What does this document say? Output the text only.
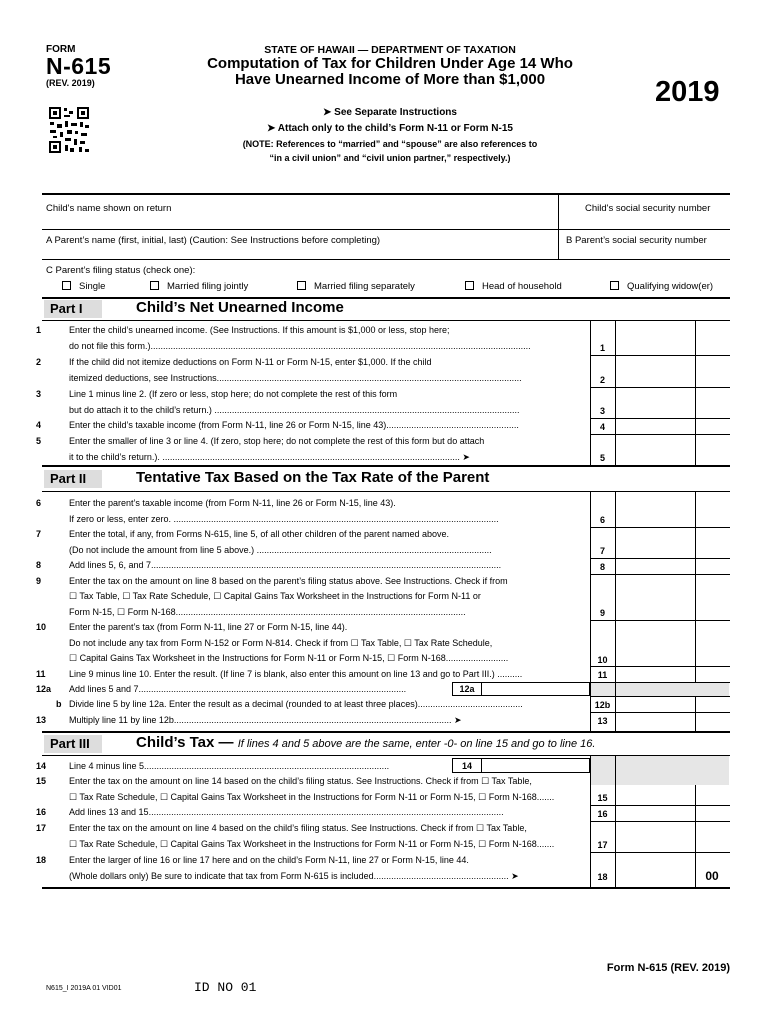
FORM
N-615
(REV. 2019)
STATE OF HAWAII — DEPARTMENT OF TAXATION
Computation of Tax for Children Under Age 14 Who
Have Unearned Income of More than $1,000	2019
➤ See Separate Instructions
➤ Attach only to the child’s Form N-11 or Form N-15
(NOTE: References to “married” and “spouse” are also references to
“in a civil union” and “civil union partner,” respectively.)
Child's name shown on return	Child's social security number
A Parent’s name (first, initial, last) (Caution: See Instructions before completing)	B Parent’s social security number
C Parent’s filing status (check one):
Single	Married filing jointly	Married filing separately	Head of household	Qualifying widow(er)
Part I	Child’s Net Unearned Income
1	Enter the child’s unearned income. (See Instructions. If this amount is $1,000 or less, stop here;
do not file this form.)........................................................................................................................................................	1
2	If the child did not itemize deductions on Form N-11 or Form N-15, enter $1,000. If the child
itemized deductions, see Instructions..........................................................................................................................	2
3	Line 1 minus line 2. (If zero or less, stop here; do not complete the rest of this form
but do attach it to the child’s return.) ..........................................................................................................................	3
4	Enter the child’s taxable income (from Form N-11, line 26 or Form N-15, line 43).....................................................	4
5	Enter the smaller of line 3 or line 4. (If zero, stop here; do not complete the rest of this form but do attach
it to the child’s return.). ....................................................................................................................... ➤	5
Part II	Tentative Tax Based on the Tax Rate of the Parent
6	Enter the parent’s taxable income (from Form N-11, line 26 or Form N-15, line 43).
If zero or less, enter zero. ..................................................................................................................................	6
7	Enter the total, if any, from Forms N-615, line 5, of all other children of the parent named above.
(Do not include the amount from line 5 above.) ..............................................................................................	7
8	Add lines 5, 6, and 7............................................................................................................................................	8
9	Enter the tax on the amount on line 8 based on the parent’s filing status above. See Instructions. Check if from
☐ Tax Table, ☐ Tax Rate Schedule, ☐ Capital Gains Tax Worksheet in the Instructions for Form N-11 or
Form N-15, ☐ Form N-168....................................................................................................................	9
10	Enter the parent’s tax (from Form N-11, line 27 or Form N-15, line 44).
Do not include any tax from Form N-152 or Form N-814. Check if from ☐ Tax Table, ☐ Tax Rate Schedule,
☐ Capital Gains Tax Worksheet in the Instructions for Form N-11 or Form N-15, ☐ Form N-168.........................	10
11	Line 9 minus line 10. Enter the result. (If line 7 is blank, also enter this amount on line 13 and go to Part III.) ..........	11
12a	Add lines 5 and 7...........................................................................................................	12a
b Divide line 5 by line 12a. Enter the result as a decimal (rounded to at least three places)..........................................	12b
13	Multiply line 11 by line 12b............................................................................................................... ➤	13
Part III	Child’s Tax — If lines 4 and 5 above are the same, enter -0- on line 15 and go to line 16.
14	Line 4 minus line 5..................................................................................................	14
15	Enter the tax on the amount on line 14 based on the child’s filing status. See Instructions. Check if from ☐ Tax Table,
☐ Tax Rate Schedule, ☐ Capital Gains Tax Worksheet in the Instructions for Form N-11 or Form N-15, ☐ Form N-168.......	15
16	Add lines 13 and 15..............................................................................................................................................	16
17	Enter the tax on the amount on line 4 based on the child’s filing status. See Instructions. Check if from ☐ Tax Table,
☐ Tax Rate Schedule, ☐ Capital Gains Tax Worksheet in the Instructions for Form N-11 or Form N-15, ☐ Form N-168.......	17
18	Enter the larger of line 16 or line 17 here and on the child’s Form N-11, line 27 or Form N-15, line 44.
(Whole dollars only) Be sure to indicate that tax from Form N-615 is included...................................................... ➤	18	00
Form N-615 (REV. 2019)
N615_I 2019A 01 VID01	ID NO 01
